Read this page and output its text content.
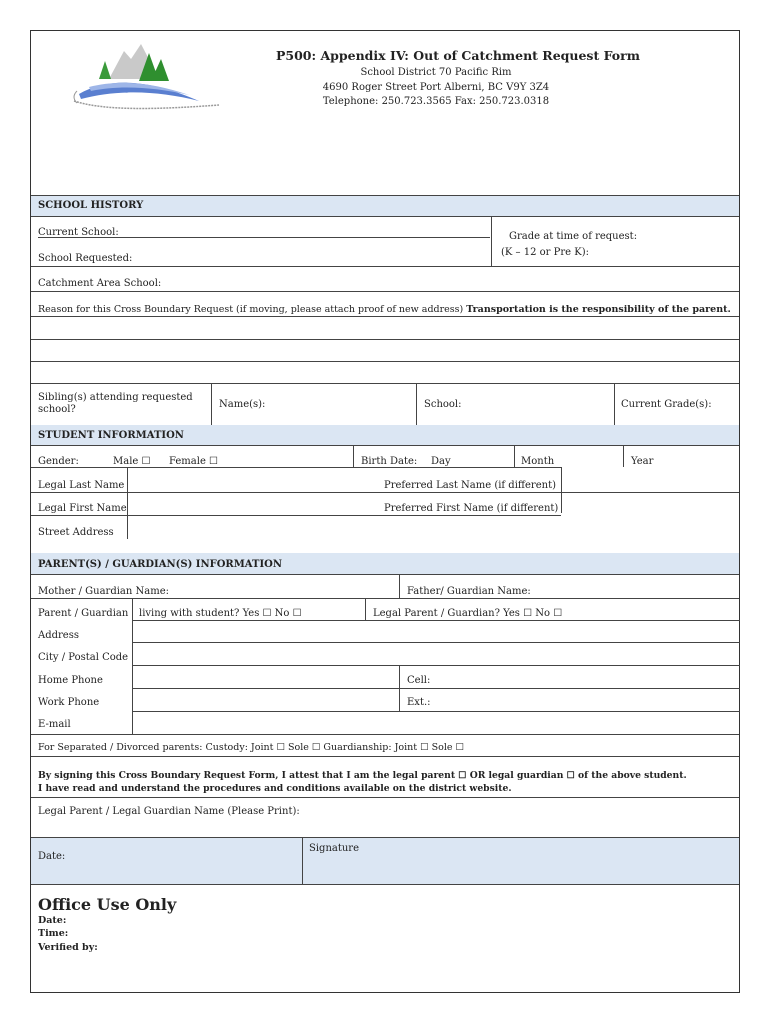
P500: Appendix IV: Out of Catchment Request Form
School District 70 Pacific Rim
4690 Roger Street Port Alberni, BC V9Y 3Z4
Telephone: 250.723.3565 Fax: 250.723.0318
SCHOOL HISTORY
Current School:	Grade at time of request:
School Requested:
(K – 12 or Pre K):
Catchment Area School:
Reason for this Cross Boundary Request (if moving, please attach proof of new address) Transportation is the responsibility of the parent.
Sibling(s) attending requested
school?	Name(s):	School:	Current Grade(s):
STUDENT INFORMATION
Gender:	Male ☐ Female ☐	Birth Date: Day	Month	Year
Legal Last Name	Preferred Last Name (if different)
Legal First Name	Preferred First Name (if different)
Street Address
PARENT(S) / GUARDIAN(S) INFORMATION
Mother / Guardian Name:	Father/ Guardian Name:
Parent / Guardian living with student? Yes ☐ No ☐	Legal Parent / Guardian? Yes ☐ No ☐
Address
City / Postal Code
Home Phone	Cell:
Work Phone	Ext.:
E-mail
For Separated / Divorced parents: Custody: Joint ☐ Sole ☐ Guardianship: Joint ☐ Sole ☐
By signing this Cross Boundary Request Form, I attest that I am the legal parent ☐ OR legal guardian ☐ of the above student.
I have read and understand the procedures and conditions available on the district website.
Legal Parent / Legal Guardian Name (Please Print):
Date:
Signature
Office Use Only
Date:
Time:
Verified by:
